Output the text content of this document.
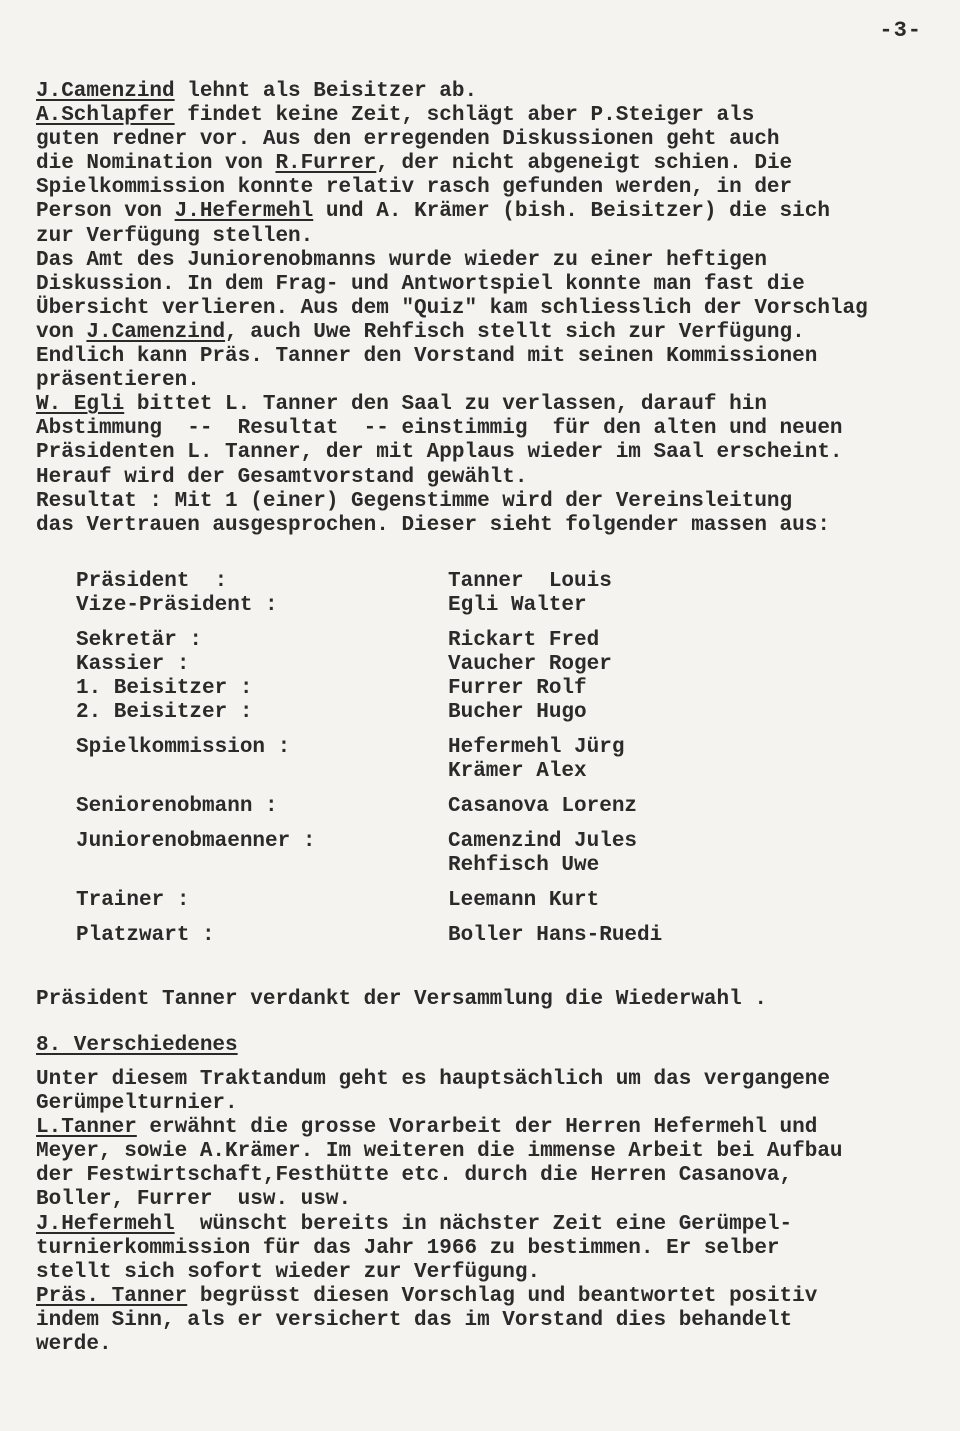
-3-

J.Camenzind lehnt als Beisitzer ab.

A.Schlapfer findet keine Zeit, schlägt aber P.Steiger als

guten redner vor. Aus den erregenden Diskussionen geht auch

die Nomination von R.Furrer, der nicht abgeneigt schien. Die

Spielkommission konnte relativ rasch gefunden werden, in der

Person von J.Hefermehl und A. Krämer (bish. Beisitzer) die sich

zur Verfügung stellen.

Das Amt des Juniorenobmanns wurde wieder zu einer heftigen

Diskussion. In dem Frag- und Antwortspiel konnte man fast die

Übersicht verlieren. Aus dem "Quiz" kam schliesslich der Vorschlag

von J.Camenzind, auch Uwe Rehfisch stellt sich zur Verfügung.

Endlich kann Präs. Tanner den Vorstand mit seinen Kommissionen

präsentieren.

W. Egli bittet L. Tanner den Saal zu verlassen, darauf hin

Abstimmung  --  Resultat  -- einstimmig  für den alten und neuen

Präsidenten L. Tanner, der mit Applaus wieder im Saal erscheint.

Herauf wird der Gesamtvorstand gewählt.

Resultat : Mit 1 (einer) Gegenstimme wird der Vereinsleitung

das Vertrauen ausgesprochen. Dieser sieht folgender massen aus:

Präsident  :	Tanner  Louis
Vize-Präsident :	Egli Walter
Sekretär :	Rickart Fred
Kassier :	Vaucher Roger
1. Beisitzer :	Furrer Rolf
2. Beisitzer :	Bucher Hugo
Spielkommission :	Hefermehl Jürg
Krämer Alex
Seniorenobmann :	Casanova Lorenz
Juniorenobmaenner :	Camenzind Jules
Rehfisch Uwe
Trainer :	Leemann Kurt
Platzwart :	Boller Hans-Ruedi

Präsident Tanner verdankt der Versammlung die Wiederwahl .

8. Verschiedenes

Unter diesem Traktandum geht es hauptsächlich um das vergangene

Gerümpelturnier.

L.Tanner erwähnt die grosse Vorarbeit der Herren Hefermehl und

Meyer, sowie A.Krämer. Im weiteren die immense Arbeit bei Aufbau

der Festwirtschaft,Festhütte etc. durch die Herren Casanova,

Boller, Furrer  usw. usw.

J.Hefermehl  wünscht bereits in nächster Zeit eine Gerümpel-

turnierkommission für das Jahr 1966 zu bestimmen. Er selber

stellt sich sofort wieder zur Verfügung.

Präs. Tanner begrüsst diesen Vorschlag und beantwortet positiv

indem Sinn, als er versichert das im Vorstand dies behandelt

werde.
